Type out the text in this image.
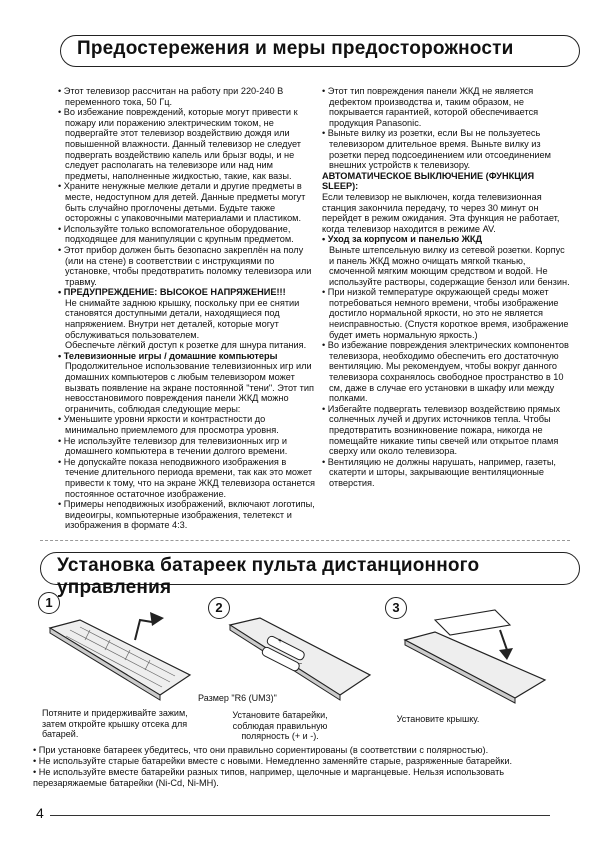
Предостережения и меры предосторожности

• Этот телевизор рассчитан на работу при 220-240 В переменного тока, 50 Гц.

• Во избежание повреждений, которые могут привести к пожару или поражению электрическим током, не подвергайте этот телевизор воздействию дождя или повышенной влажности. Данный телевизор не следует подвергать воздействию капель или брызг воды, и не следует располагать на телевизоре или над ним предметы, наполненные жидкостью, такие, как вазы.

• Храните ненужные мелкие детали и другие предметы в месте, недоступном для детей. Данные предметы могут быть случайно проглочены детьми. Будьте также осторожны с упаковочными материалами и пластиком.

• Используйте только вспомогательное оборудование, подходящее для манипуляции с крупным предметом.

• Этот прибор должен быть безопасно закреплён на полу (или на стене) в соответствии с инструкциями по установке, чтобы предотвратить поломку телевизора или травму.

• ПРЕДУПРЕЖДЕНИЕ: ВЫСОКОЕ НАПРЯЖЕНИЕ!!!

Не снимайте заднюю крышку, поскольку при ее снятии становятся доступными детали, находящиеся под напряжением. Внутри нет деталей, которые могут обслуживаться пользователем.

Обеспечьте лёгкий доступ к розетке для шнура питания.

• Телевизионные игры / домашние компьютеры

Продолжительное использование телевизионных игр или домашних компьютеров с любым телевизором может вызвать появление на экране постоянной "тени". Этот тип невосстановимого повреждения панели ЖКД можно ограничить, соблюдая следующие меры:

• Уменьшите уровни яркости и контрастности до минимально приемлемого для просмотра уровня.

• Не используйте телевизор для телевизионных игр и домашнего компьютера в течении долгого времени.

• Не допускайте показа неподвижного изображения в течение длительного периода времени, так как это может привести к тому, что на экране ЖКД телевизора останется постоянное остаточное изображение.

• Примеры неподвижных изображений, включают логотипы, видеоигры, компьютерные изображения, телетекст и изображения в формате 4:3.

• Этот тип повреждения панели ЖКД не является дефектом производства и, таким образом, не покрывается гарантией, которой обеспечивается продукция Panasonic.

• Выньте вилку из розетки, если Вы не пользуетесь телевизором длительное время. Выньте вилку из розетки перед подсоединением или отсоединением внешних устройств к телевизору.

АВТОМАТИЧЕСКОЕ ВЫКЛЮЧЕНИЕ (ФУНКЦИЯ SLEEP):

Если телевизор не выключен, когда телевизионная станция закончила передачу, то через 30 минут он перейдет в режим ожидания. Эта функция не работает, когда телевизор находится в режиме AV.

• Уход за корпусом и панелью ЖКД

Выньте штепсельную вилку из сетевой розетки. Корпус и панель ЖКД можно очищать мягкой тканью, смоченной мягким моющим средством и водой. Не используйте растворы, содержащие бензол или бензин.

• При низкой температуре окружающей среды может потребоваться немного времени, чтобы изображение достигло нормальной яркости, но это не является неисправностью. (Спустя короткое время, изображение будет иметь нормальную яркость.)

• Во избежание повреждения электрических компонентов телевизора, необходимо обеспечить его достаточную вентиляцию. Мы рекомендуем, чтобы вокруг данного телевизора сохранялось свободное пространство в 10 см, даже в случае его установки в шкафу или между полками.

• Избегайте подвергать телевизор воздействию прямых солнечных лучей и других источников тепла. Чтобы предотвратить возникновение пожара, никогда не помещайте никакие типы свечей или открытое пламя сверху или около телевизора.

• Вентиляцию не должны нарушать, например, газеты, скатерти и шторы, закрывающие вентиляционные отверстия.

Установка батареек пульта дистанционного управления
1	2	3
+
−
Размер "R6 (UM3)"
Потяните и придерживайте зажим, затем откройте крышку отсека для батарей.
Установите батарейки, соблюдая правильную полярность (+ и -).
Установите крышку.

• При установке батареек убедитесь, что они правильно сориентированы (в соответствии с полярностью).

• Не используйте старые батарейки вместе с новыми. Немедленно заменяйте старые, разряженные батарейки.

• Не используйте вместе батарейки разных типов, например, щелочные и марганцевые. Нельзя использовать перезаряжаемые батарейки (Ni-Cd, Ni-MH).

4
